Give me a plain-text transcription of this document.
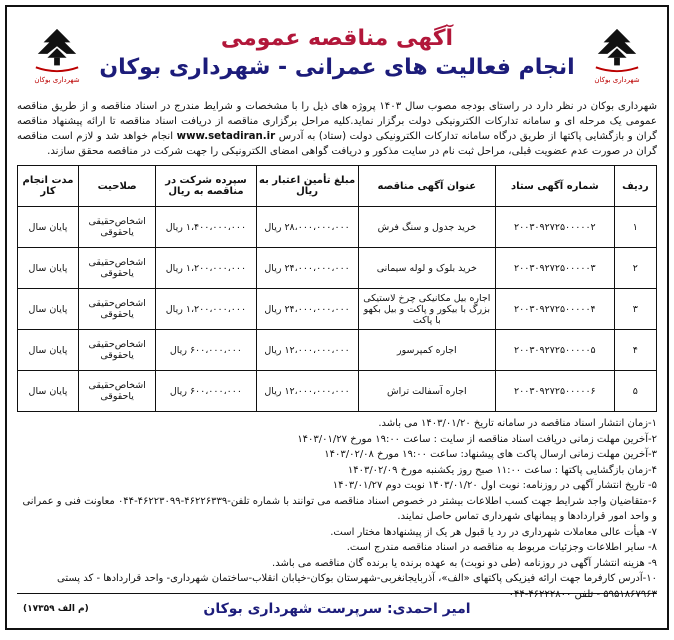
شهرداری بوکان
شهرداری بوکان
آگهی مناقصه عمومی
انجام فعالیت های عمرانی - شهرداری بوکان
شهرداری بوکان در نظر دارد در راستای بودجه مصوب سال ۱۴۰۳ پروژه های ذیل را با مشخصات و شرایط مندرج در اسناد مناقصه و از طریق مناقصه عمومی یک مرحله ای و سامانه تدارکات الکترونیکی دولت برگزار نماید.کلیه مراحل برگزاری مناقصه از دریافت اسناد مناقصه تا ارائه پیشنهاد مناقصه گران و بازگشایی پاکتها از طریق درگاه سامانه تدارکات الکترونیکی دولت (ستاد) به آدرس www.setadiran.ir انجام خواهد شد و لازم است مناقصه گران در صورت عدم عضویت قبلی، مراحل ثبت نام در سایت مذکور و دریافت گواهی امضای الکترونیکی را جهت شرکت در مناقصه محقق سازند.
ردیف	شماره آگهی ستاد	عنوان آگهی مناقصه	مبلغ تأمین اعتبار به ریال	سپرده شرکت در مناقصه به ریال	صلاحیت	مدت انجام کار
۱	۲۰۰۳۰۹۲۷۲۵۰۰۰۰۰۲	خرید جدول و سنگ فرش	۲۸،۰۰۰،۰۰۰،۰۰۰ ریال	۱،۴۰۰،۰۰۰،۰۰۰ ریال	اشخاص‌حقیقی یاحقوقی	پایان سال
۲	۲۰۰۳۰۹۲۷۲۵۰۰۰۰۰۳	خرید بلوک و لوله سیمانی	۲۴،۰۰۰،۰۰۰،۰۰۰ ریال	۱،۲۰۰،۰۰۰،۰۰۰ ریال	اشخاص‌حقیقی یاحقوقی	پایان سال
۳	۲۰۰۳۰۹۲۷۲۵۰۰۰۰۰۴	اجاره بیل مکانیکی چرخ لاستیکی بزرگ با بیکور و پاکت و بیل بکهو با پاکت	۲۴،۰۰۰،۰۰۰،۰۰۰ ریال	۱،۲۰۰،۰۰۰،۰۰۰ ریال	اشخاص‌حقیقی یاحقوقی	پایان سال
۴	۲۰۰۳۰۹۲۷۲۵۰۰۰۰۰۵	اجاره کمپرسور	۱۲،۰۰۰،۰۰۰،۰۰۰ ریال	۶۰۰،۰۰۰،۰۰۰ ریال	اشخاص‌حقیقی یاحقوقی	پایان سال
۵	۲۰۰۳۰۹۲۷۲۵۰۰۰۰۰۶	اجاره آسفالت تراش	۱۲،۰۰۰،۰۰۰،۰۰۰ ریال	۶۰۰،۰۰۰،۰۰۰ ریال	اشخاص‌حقیقی یاحقوقی	پایان سال
۱-زمان انتشار اسناد مناقصه در سامانه تاریخ ۱۴۰۳/۰۱/۲۰ می باشد.
۲-آخرین مهلت زمانی دریافت اسناد مناقصه از سایت : ساعت ۱۹:۰۰ مورخ ۱۴۰۳/۰۱/۲۷
۳-آخرین مهلت زمانی ارسال پاکت های پیشنهاد: ساعت ۱۹:۰۰ مورخ ۱۴۰۳/۰۲/۰۸
۴-زمان بازگشایی پاکتها : ساعت ۱۱:۰۰ صبح روز یکشنبه مورخ ۱۴۰۳/۰۲/۰۹
۵- تاریخ انتشار آگهی در روزنامه: نوبت اول ۱۴۰۳/۰۱/۲۰ نوبت دوم ۱۴۰۳/۰۱/۲۷
۶-متقاضیان واجد شرایط جهت کسب اطلاعات بیشتر در خصوص اسناد مناقصه می توانند با شماره تلفن-۴۶۲۲۶۳۳۹-۴۶۲۲۳۰۹۹-۰۴۴ معاونت فنی و عمرانی و واحد امور قراردادها و پیمانهای شهرداری تماس حاصل نمایند.
۷- هیأت عالی معاملات شهرداری در رد یا قبول هر یک از پیشنهادها مختار است.
۸- سایر اطلاعات وجزئیات مربوط به مناقصه در اسناد مناقصه مندرج است.
۹- هزینه انتشار آگهی در روزنامه (طی دو نوبت) به عهده برنده یا برنده گان مناقصه می باشد.
۱۰-آدرس کارفرما جهت ارائه فیزیکی پاکتهای «الف»، آذربایجانغربی-شهرستان بوکان-خیابان انقلاب-ساختمان شهرداری- واحد قراردادها - کد پستی ۵۹۵۱۸۶۷۹۶۳ - تلفن ۴۶۲۲۲۸۰۰-۰۴۴
امیر احمدی: سرپرست شهرداری بوکان
(م الف ۱۷۳۵۹)
